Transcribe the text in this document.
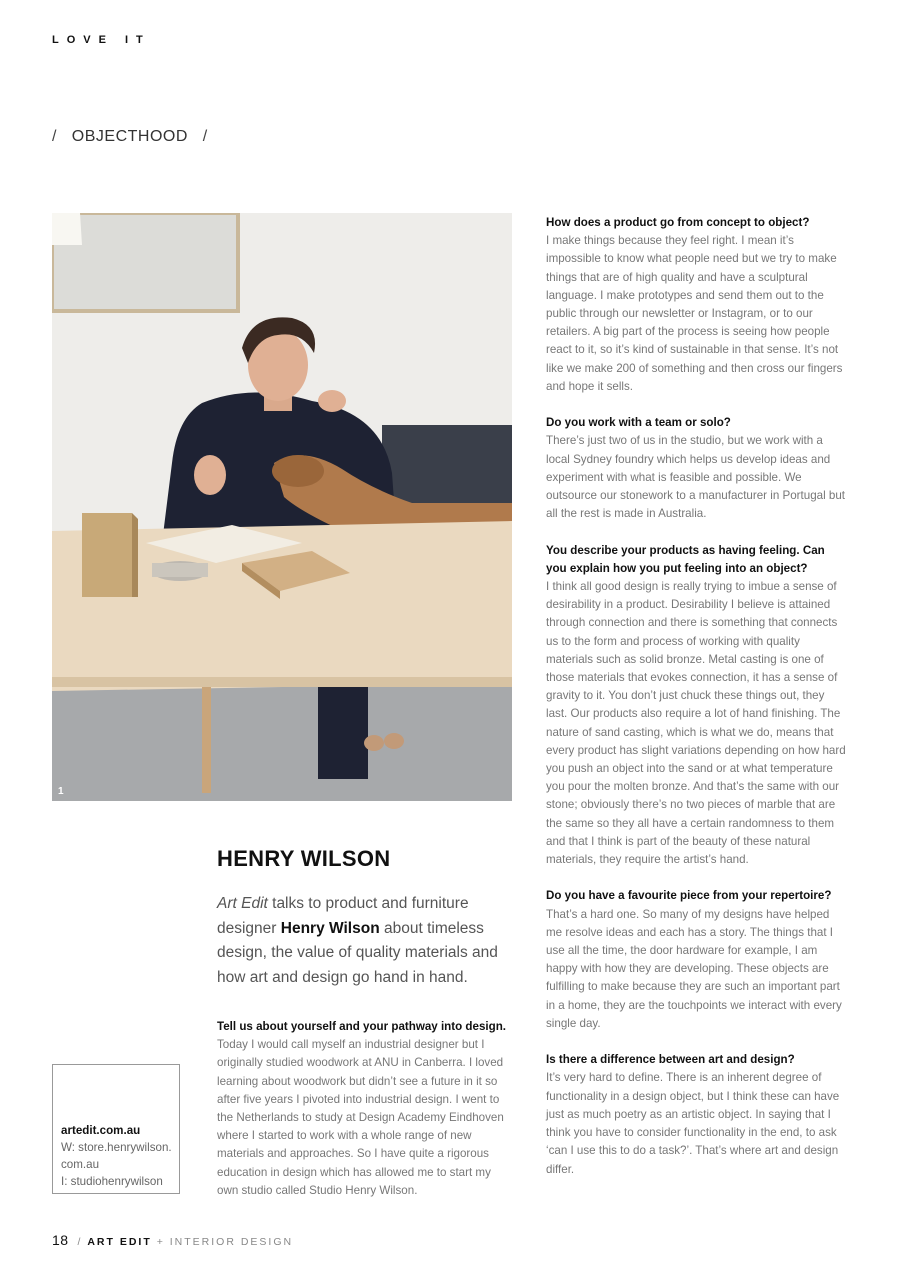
LOVE IT
/ OBJECTHOOD /
1
HENRY WILSON
Art Edit talks to product and furniture designer Henry Wilson about timeless design, the value of quality materials and how art and design go hand in hand.
Tell us about yourself and your pathway into design.
Today I would call myself an industrial designer but I originally studied woodwork at ANU in Canberra. I loved learning about woodwork but didn’t see a future in it so after five years I pivoted into industrial design. I went to the Netherlands to study at Design Academy Eindhoven where I started to work with a whole range of new materials and approaches. So I have quite a rigorous education in design which has allowed me to start my own studio called Studio Henry Wilson.
How does a product go from concept to object?
I make things because they feel right. I mean it’s impossible to know what people need but we try to make things that are of high quality and have a sculptural language. I make prototypes and send them out to the public through our newsletter or Instagram, or to our retailers. A big part of the process is seeing how people react to it, so it’s kind of sustainable in that sense. It’s not like we make 200 of something and then cross our fingers and hope it sells.
Do you work with a team or solo?
There’s just two of us in the studio, but we work with a local Sydney foundry which helps us develop ideas and experiment with what is feasible and possible. We outsource our stonework to a manufacturer in Portugal but all the rest is made in Australia.
You describe your products as having feeling. Can you explain how you put feeling into an object?
I think all good design is really trying to imbue a sense of desirability in a product. Desirability I believe is attained through connection and there is something that connects us to the form and process of working with quality materials such as solid bronze. Metal casting is one of those materials that evokes connection, it has a sense of gravity to it. You don’t just chuck these things out, they last. Our products also require a lot of hand finishing. The nature of sand casting, which is what we do, means that every product has slight variations depending on how hard you push an object into the sand or at what temperature you pour the molten bronze. And that’s the same with our stone; obviously there’s no two pieces of marble that are the same so they all have a certain randomness to them and that I think is part of the beauty of these natural materials, they require the artist’s hand.
Do you have a favourite piece from your repertoire?
That’s a hard one. So many of my designs have helped me resolve ideas and each has a story. The things that I use all the time, the door hardware for example, I am happy with how they are developing. These objects are fulfilling to make because they are such an important part in a home, they are the touchpoints we interact with every single day.
Is there a difference between art and design?
It’s very hard to define. There is an inherent degree of functionality in a design object, but I think these can have just as much poetry as an artistic object. In saying that I think you have to consider functionality in the end, to ask ‘can I use this to do a task?’. That’s where art and design differ.
artedit.com.au
W: store.henrywilson.
com.au
I: studiohenrywilson
18 / ART EDIT + INTERIOR DESIGN
